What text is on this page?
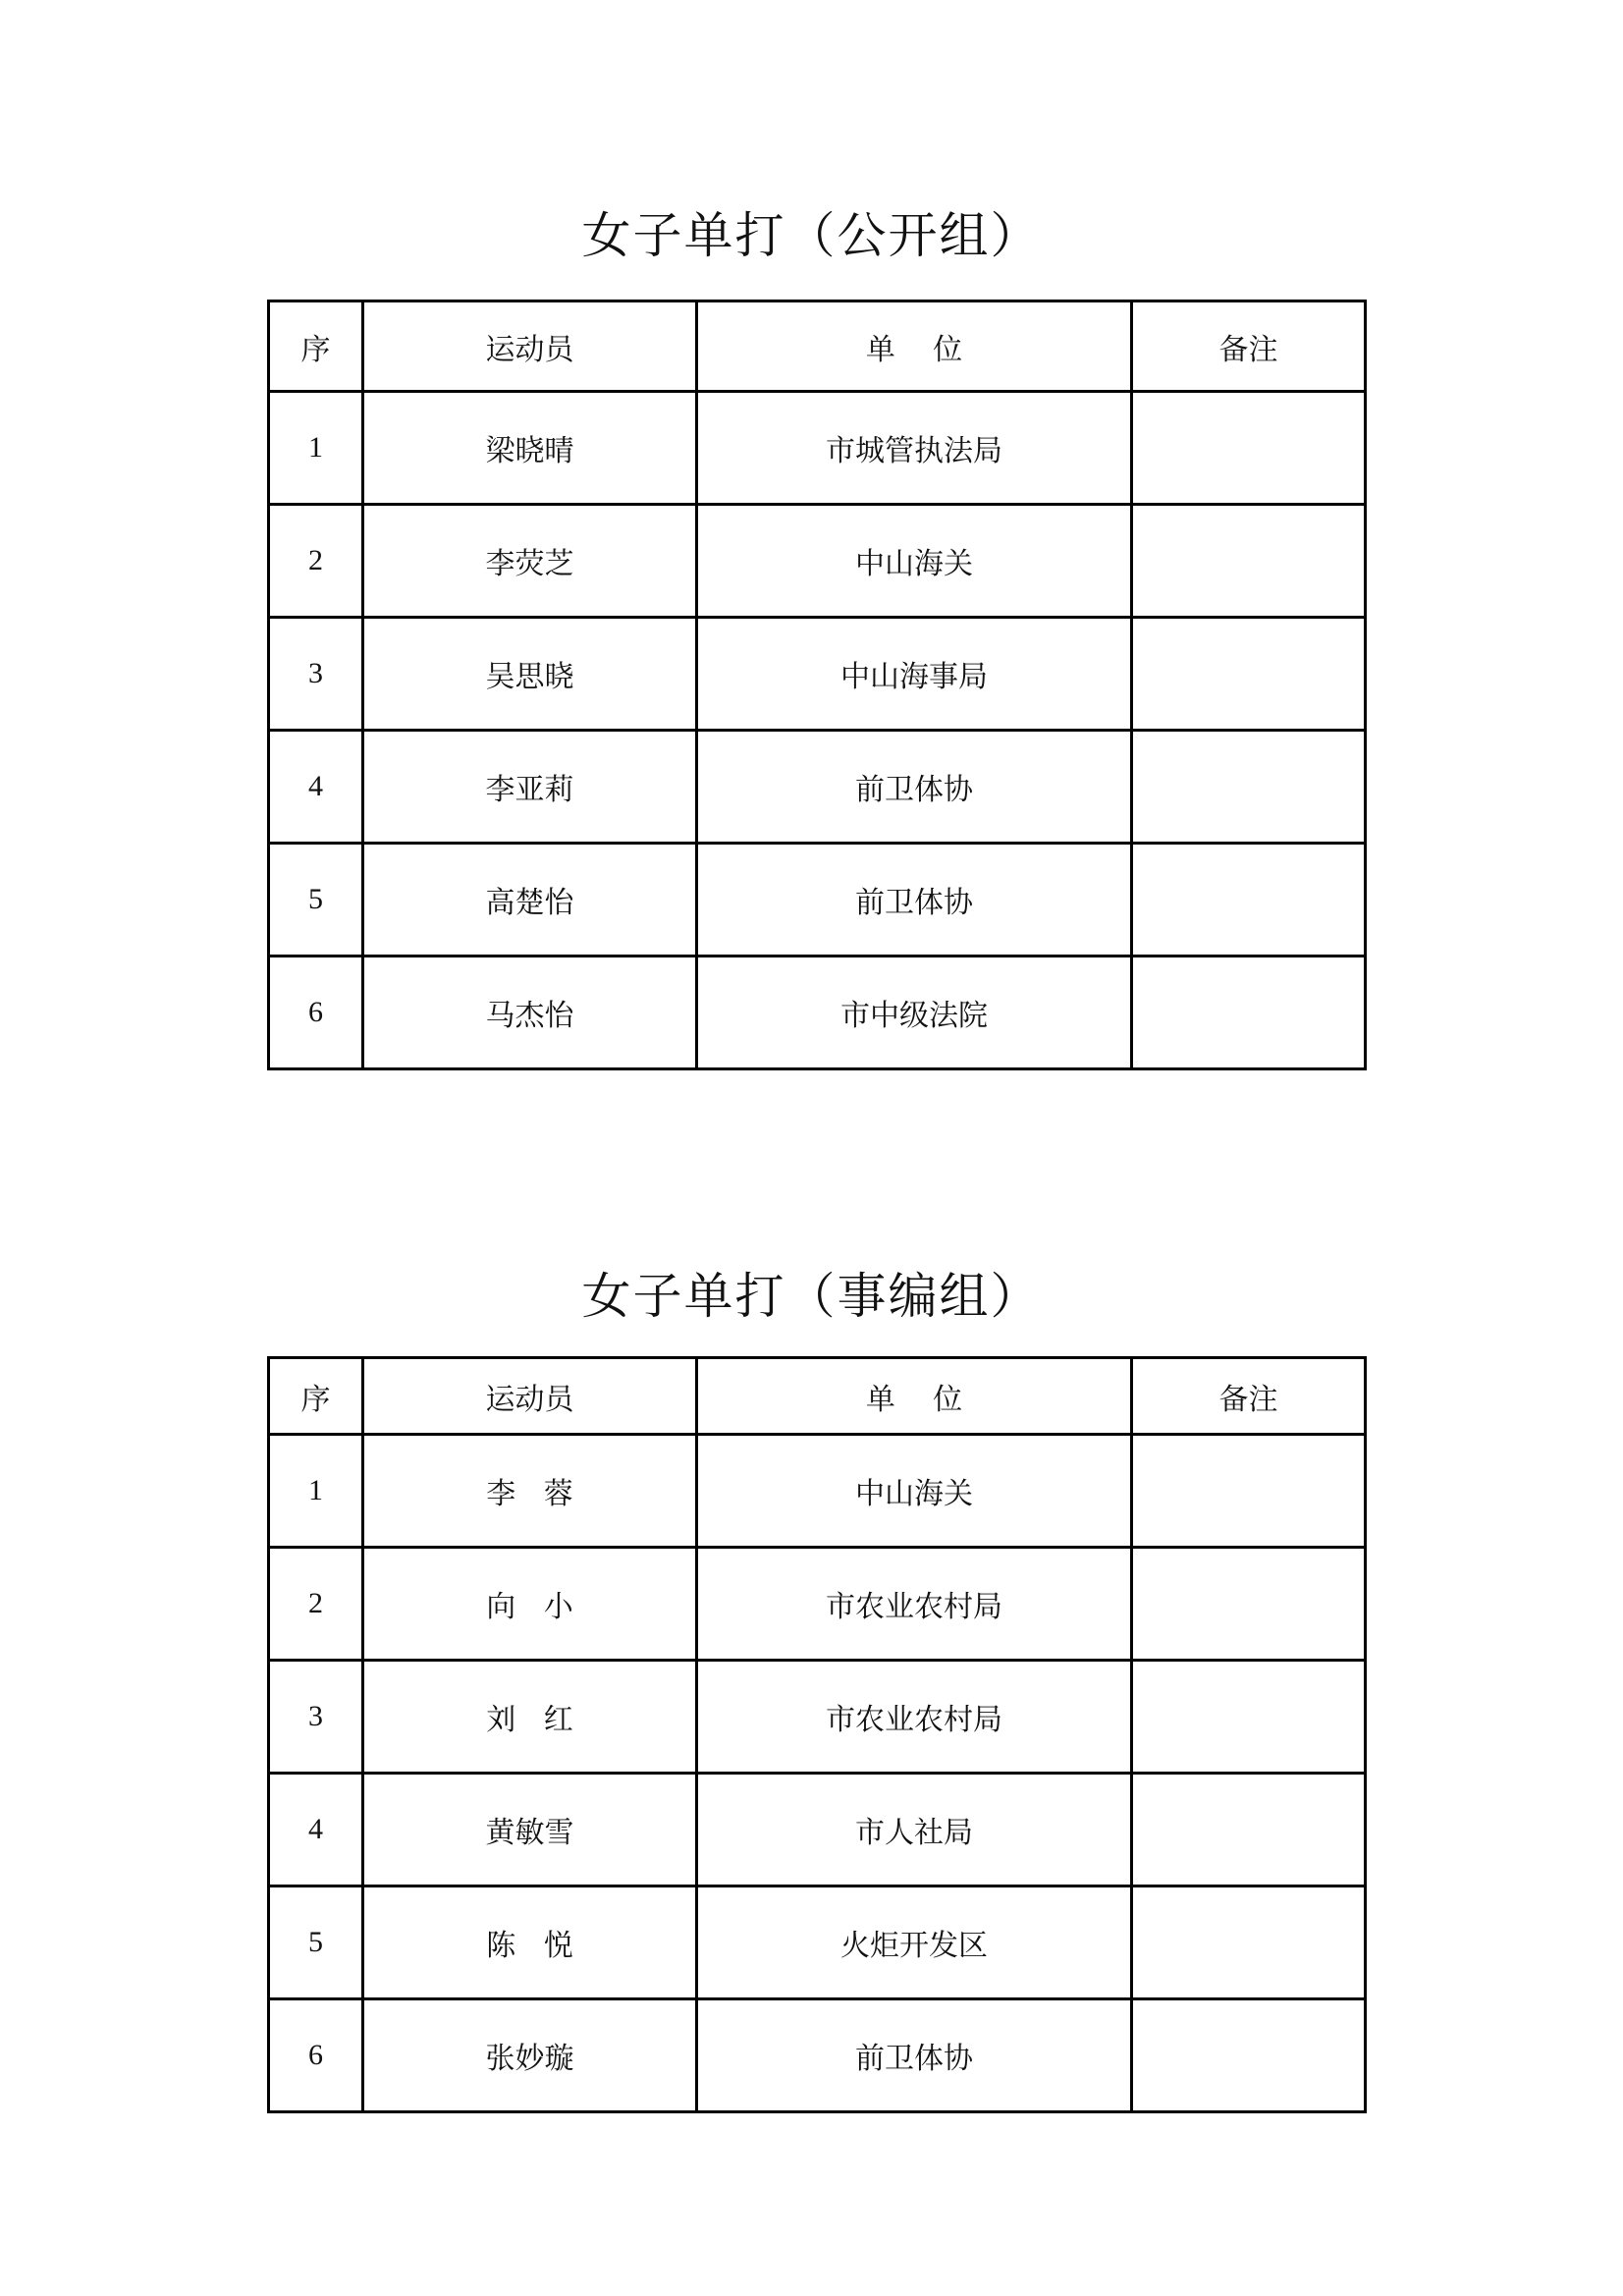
女子单打（公开组）
序	运动员	单    位	备注
1	梁晓晴	市城管执法局	
2	李荧芝	中山海关	
3	吴思晓	中山海事局	
4	李亚莉	前卫体协	
5	高楚怡	前卫体协	
6	马杰怡	市中级法院	
女子单打（事编组）
序	运动员	单    位	备注
1	李   蓉	中山海关	
2	向   小	市农业农村局	
3	刘   红	市农业农村局	
4	黄敏雪	市人社局	
5	陈   悦	火炬开发区	
6	张妙璇	前卫体协	
